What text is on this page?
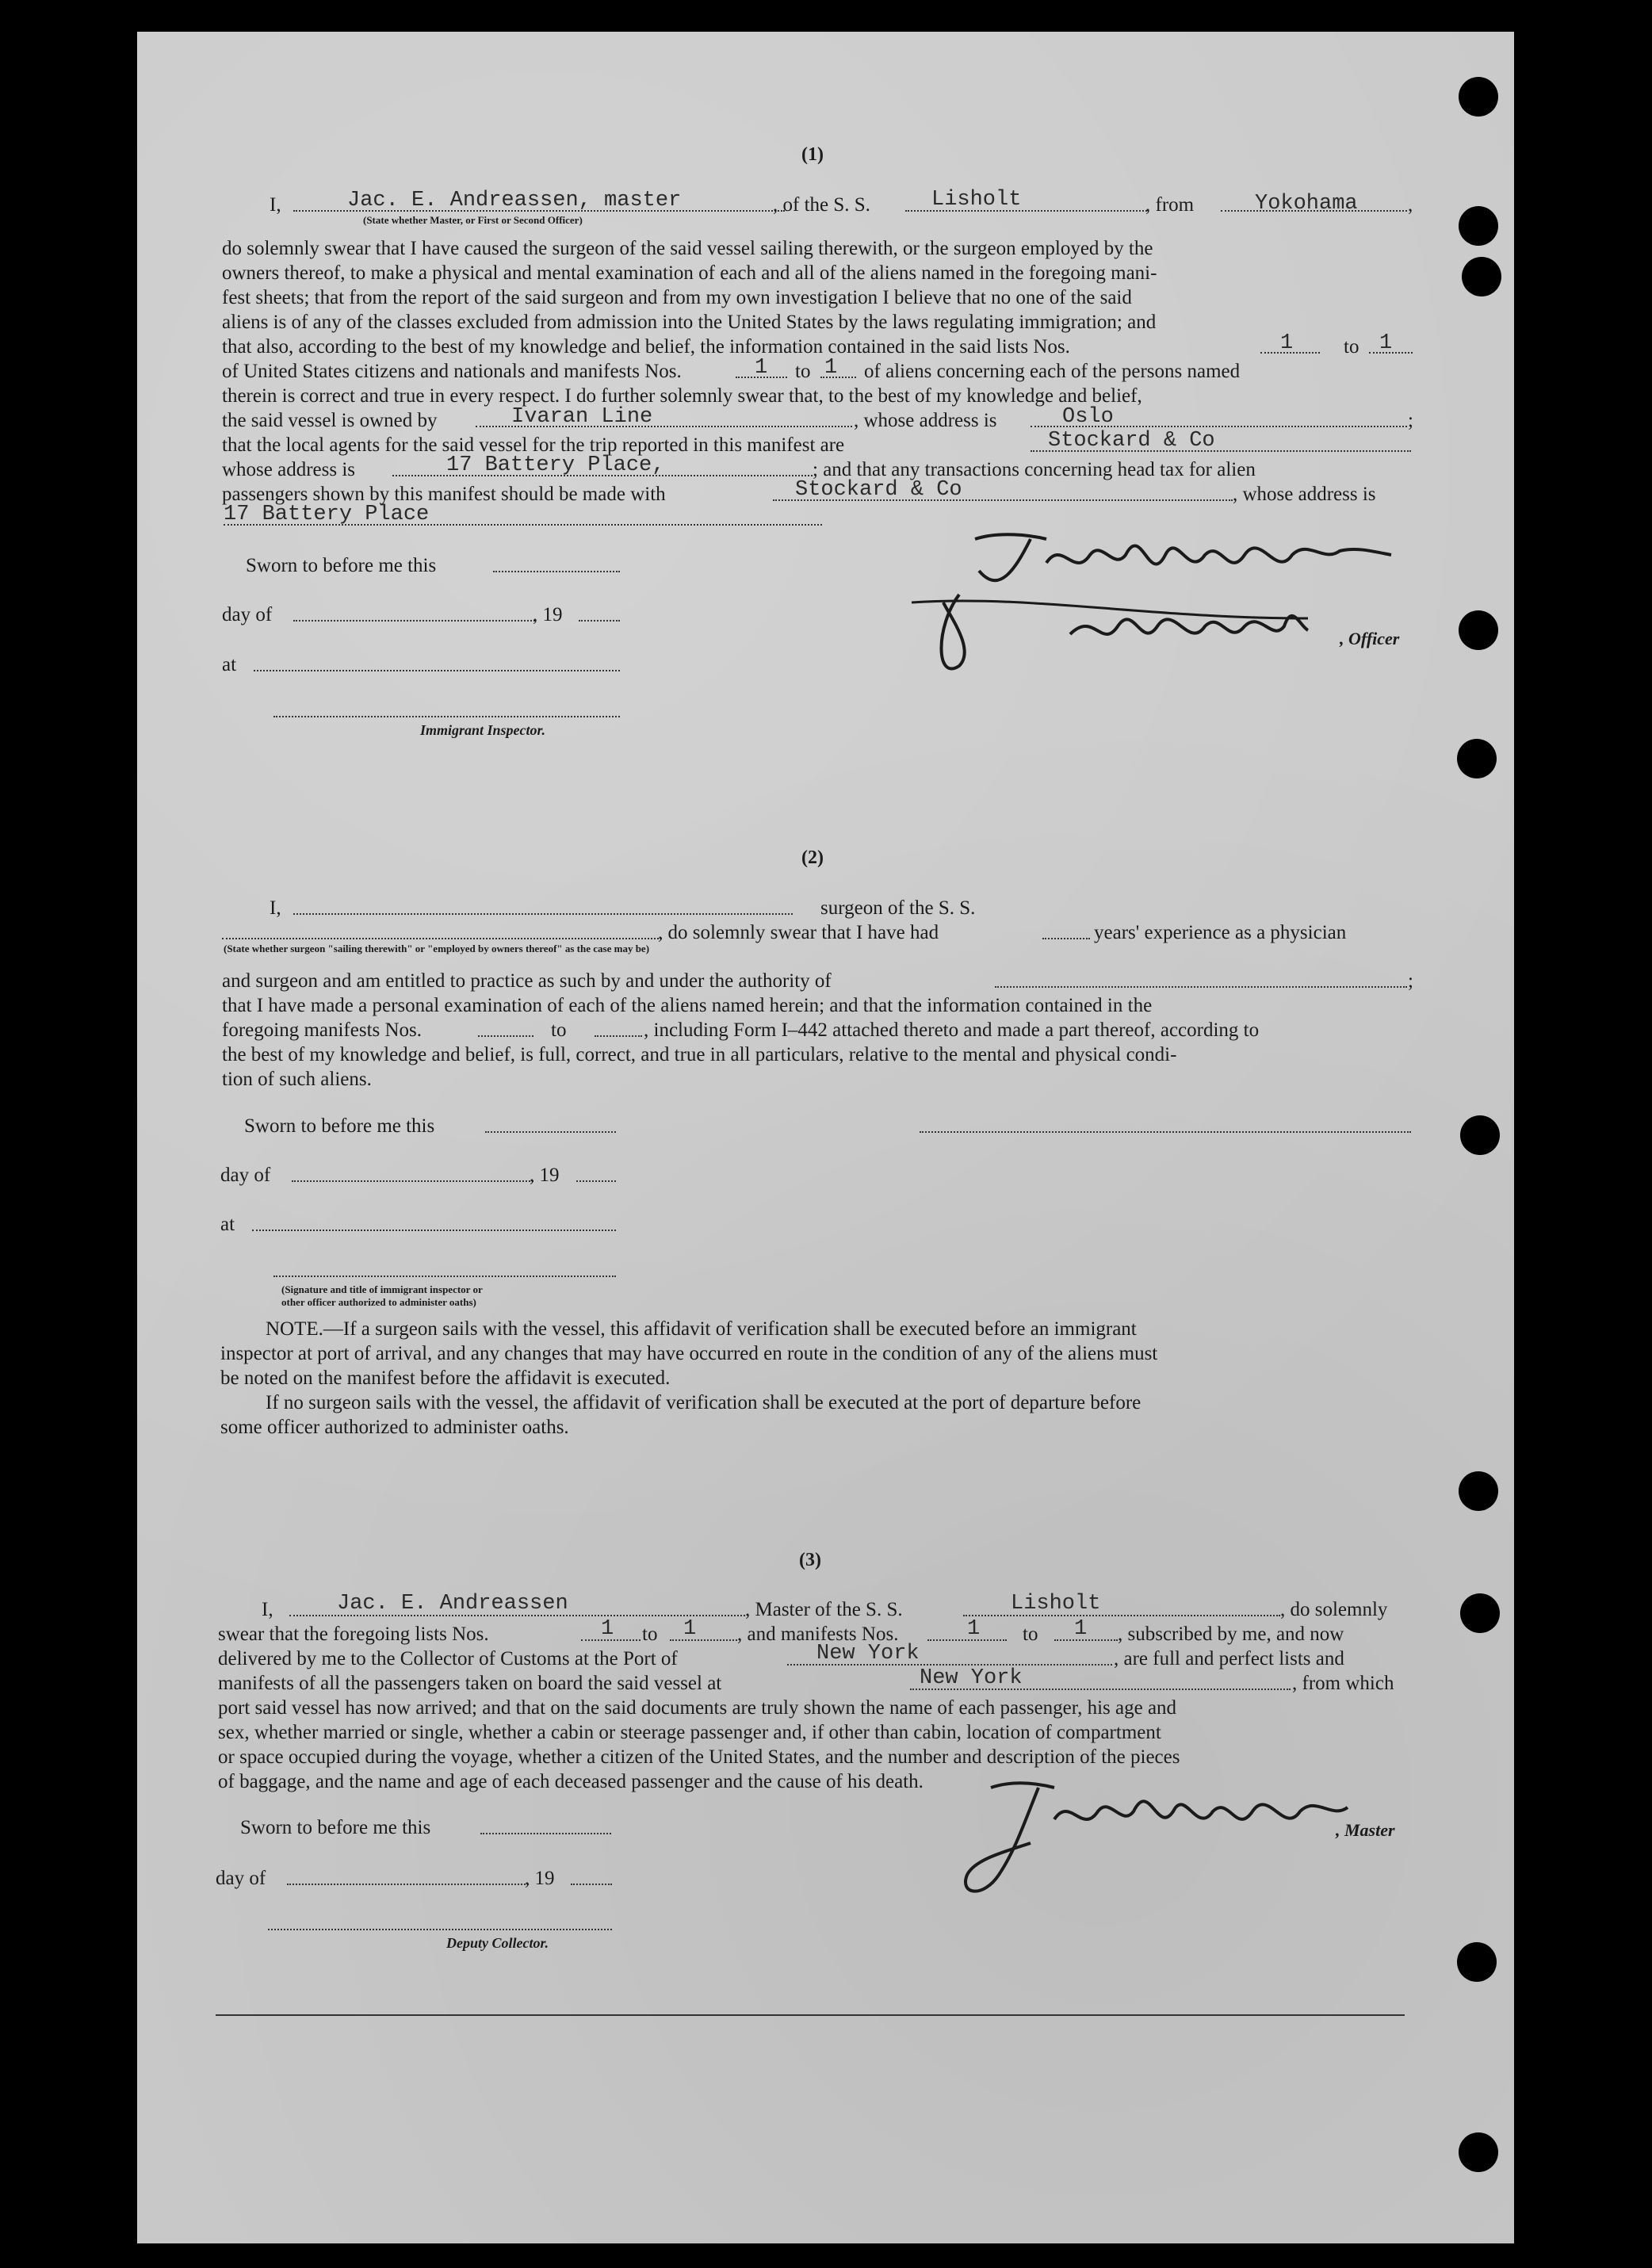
(1)
I,	Jac. E. Andreassen, master
(State whether Master, or First or Second Officer)
, of the S. S.	Lisholt	, from	Yokohama	,
do solemnly swear that I have caused the surgeon of the said vessel sailing therewith, or the surgeon employed by the
owners thereof, to make a physical and mental examination of each and all of the aliens named in the foregoing mani-
fest sheets; that from the report of the said surgeon and from my own investigation I believe that no one of the said
aliens is of any of the classes excluded from admission into the United States by the laws regulating immigration; and
that also, according to the best of my knowledge and belief, the information contained in the said lists Nos.	1	to 1
of United States citizens and nationals and manifests Nos.	1 to 1 of aliens concerning each of the persons named
therein is correct and true in every respect. I do further solemnly swear that, to the best of my knowledge and belief,
the said vessel is owned by	Ivaran Line	, whose address is	Oslo	;
that the local agents for the said vessel for the trip reported in this manifest are	Stockard & Co
whose address is	17 Battery Place,	; and that any transactions concerning head tax for alien
passengers shown by this manifest should be made with	Stockard & Co	, whose address is
17 Battery Place
Sworn to before me this
day of	, 19
at
Immigrant Inspector.
, Officer
(2)
I,	surgeon of the S. S.
, do solemnly swear that I have had	years' experience as a physician
(State whether surgeon "sailing therewith" or "employed by owners thereof" as the case may be)
and surgeon and am entitled to practice as such by and under the authority of	;
that I have made a personal examination of each of the aliens named herein; and that the information contained in the
foregoing manifests Nos.	to	, including Form I–442 attached thereto and made a part thereof, according to
the best of my knowledge and belief, is full, correct, and true in all particulars, relative to the mental and physical condi-
tion of such aliens.
Sworn to before me this
day of	, 19
at
(Signature and title of immigrant inspector or
other officer authorized to administer oaths)
NOTE.—If a surgeon sails with the vessel, this affidavit of verification shall be executed before an immigrant
inspector at port of arrival, and any changes that may have occurred en route in the condition of any of the aliens must
be noted on the manifest before the affidavit is executed.
If no surgeon sails with the vessel, the affidavit of verification shall be executed at the port of departure before
some officer authorized to administer oaths.
(3)
I,	Jac. E. Andreassen	, Master of the S. S.	Lisholt	, do solemnly
swear that the foregoing lists Nos.	1 to 1 , and manifests Nos.	1 to 1 , subscribed by me, and now
delivered by me to the Collector of Customs at the Port of	New York	, are full and perfect lists and
manifests of all the passengers taken on board the said vessel at	New York	, from which
port said vessel has now arrived; and that on the said documents are truly shown the name of each passenger, his age and
sex, whether married or single, whether a cabin or steerage passenger and, if other than cabin, location of compartment
or space occupied during the voyage, whether a citizen of the United States, and the number and description of the pieces
of baggage, and the name and age of each deceased passenger and the cause of his death.
Sworn to before me this
day of	, 19
Deputy Collector.
, Master
